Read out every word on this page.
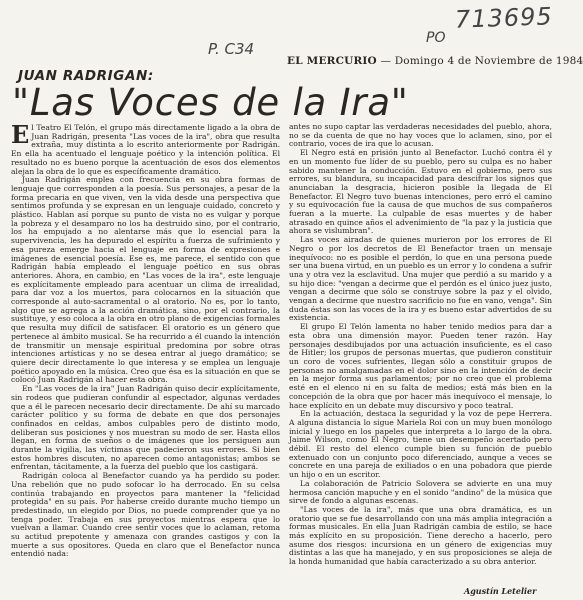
713695
PO
P. C34
EL MERCURIO — Domingo 4 de Noviembre de 1984
JUAN RADRIGAN:
"Las Voces de la Ira"

El Teatro El Telón, el grupo más directamente ligado a la obra de Juan Radrigán, presenta "Las voces de la ira", obra que resulta extraña, muy distinta a lo escrito anteriormente por Radrigán. En ella ha acentuado el lenguaje poético y la intención política. El resultado no es bueno porque la acentuación de esos dos elementos alejan la obra de lo que es específicamente dramático.

Juan Radrigán emplea con frecuencia en su obra formas de lenguaje que corresponden a la poesía. Sus personajes, a pesar de la forma precaria en que viven, ven la vida desde una perspectiva que sentimos profunda y se expresan en un lenguaje cuidado, concreto y plástico. Hablan así porque su punto de vista no es vulgar y porque la pobreza y el desamparo no los ha destruido sino, por el contrario, los ha empujado a no alentarse más que lo esencial para la supervivencia, les ha depurado el espíritu a fuerza de sufrimiento y esa pureza emerge hacia el lenguaje en forma de expresiones e imágenes de esencial poesía. Ese es, me parece, el sentido con que Radrigán había empleado el lenguaje poético en sus obras anteriores. Ahora, en cambio, en "Las voces de la ira", este lenguaje es explícitamente empleado para acentuar un clima de irrealidad, para dar voz a los muertos, para colocarnos en la situación que corresponde al auto-sacramental o al oratorio. No es, por lo tanto, algo que se agrega a la acción dramática, sino, por el contrario, la sustituye, y eso coloca a la obra en otro plano de exigencias formales que resulta muy difícil de satisfacer. El oratorio es un género que pertenece al ámbito musical. Se ha recurrido a él cuando la intención de transmitir un mensaje espiritual predomina por sobre otras intenciones artísticas y no se desea entrar al juego dramático; se quiere decir directamente lo que interesa y se emplea un lenguaje poético apoyado en la música. Creo que ésa es la situación en que se colocó Juan Radrigán al hacer esta obra.

En "Las voces de la ira" Juan Radrigán quiso decir explícitamente, sin rodeos que pudieran confundir al espectador, algunas verdades que a él le parecen necesario decir directamente. De ahí su marcado carácter político y su forma de debate en que dos personajes confinados en celdas, ambos culpables pero de distinto modo, deliberan sus posiciones y nos muestran su modo de ser. Hasta ellos llegan, en forma de sueños o de imágenes que los persiguen aun durante la vigilia, las víctimas que padecieron sus errores. Si bien estos hombres discuten, no aparecen como antagonistas; ambos se enfrentan, tácitamente, a la fuerza del pueblo que los castigará.

Radrigán coloca al Benefactor cuando ya ha perdido su poder. Una rebelión que no pudo sofocar lo ha derrocado. En su celsa continúa trabajando en proyectos para mantener la "felicidad protegida" en su país. Por haberse creído durante mucho tiempo un predestinado, un elegido por Dios, no puede comprender que ya no tenga poder. Trabaja en sus proyectos mientras espera que lo vuelvan a llamar. Cuando cree sentir voces que lo aclaman, retoma su actitud prepotente y amenaza con grandes castigos y con la muerte a sus opositores. Queda en claro que el Benefactor nunca entendió nada:

antes no supo captar las verdaderas necesidades del pueblo, ahora, no se da cuenta de que no hay voces que lo aclamen, sino, por el contrario, voces de ira que lo acusan.

El Negro está en prisión junto al Benefactor. Luchó contra él y en un momento fue líder de su pueblo, pero su culpa es no haber sabido mantener la conducción. Estuvo en el gobierno, pero sus errores, su blandura, su incapacidad para descifrar los signos que anunciaban la desgracia, hicieron posible la llegada de El Benefactor. El Negro tuvo buenas intenciones, pero erró el camino y su equivocación fue la causa de que muchos de sus compañeros fueran a la muerte. La culpable de esas muertes y de haber atrasado en quince años el advenimiento de "la paz y la justicia que ahora se vislumbran".

Las voces airadas de quienes murieron por los errores de El Negro o por los decretos de El Benefactor traen un mensaje inequívoco: no es posible el perdón, lo que en una persona puede ser una buena virtud, en un pueblo es un error y lo condena a sufrir una y otra vez la esclavitud. Una mujer que perdió a su marido y a su hijo dice: "vengan a decirme que el perdón es el único juez justo, vengan a decirme que sólo se construye sobre la paz y el olvido, vengan a decirme que nuestro sacrificio no fue en vano, venga". Sin duda éstas son las voces de la ira y es bueno estar advertidos de su existencia.

El grupo El Telón lamenta no haber tenido medios para dar a esta obra una dimensión mayor. Pueden tener razón. Hay personajes desdibujados por una actuación insuficiente, es el caso de Hitler; los grupos de personas muertas, que pudieron constituir un coro de voces sufrientes, llegan sólo a constituir grupos de personas no amalgamadas en el dolor sino en la intención de decir en la mejor forma sus parlamentos; por no creo que el problema esté en el elenco ni en su falta de medios; está más bien en la concepción de la obra que por hacer más inequívoco el mensaje, lo hace explícito en un debate muy discursivo y poco teatral.

En la actuación, destaca la seguridad y la voz de pepe Herrera. A alguna distancia lo sigue Mariela Roi con un muy buen monólogo inicial y luego en los papeles que interpreta a lo largo de la obra. Jaime Wilson, como El Negro, tiene un desempeño acertado pero débil. El resto del elenco cumple bien su función de pueblo extenuado con un conjunto poco diferenciado, aunque a veces se concrete en una pareja de exiliados o en una pobadora que pierde un hijo o en un escritor.

La colaboración de Patricio Solovera se advierte en una muy hermosa canción mapuche y en el sonido "andino" de la música que sirve de fondo a algunas escenas.

"Las voces de la ira", más que una obra dramática, es un oratorio que se fue desarrollando con una más amplia integración a formas musicales. En ella Juan Radrigán cambia de estilo, se hace más explícito en su proposición. Tiene derecho a hacerlo, pero asume dos riesgos: incursiona en un género de exigencias muy distintas a las que ha manejado, y en sus proposiciones se aleja de la honda humanidad que había caracterizado a su obra anterior.

Agustín Letelier
